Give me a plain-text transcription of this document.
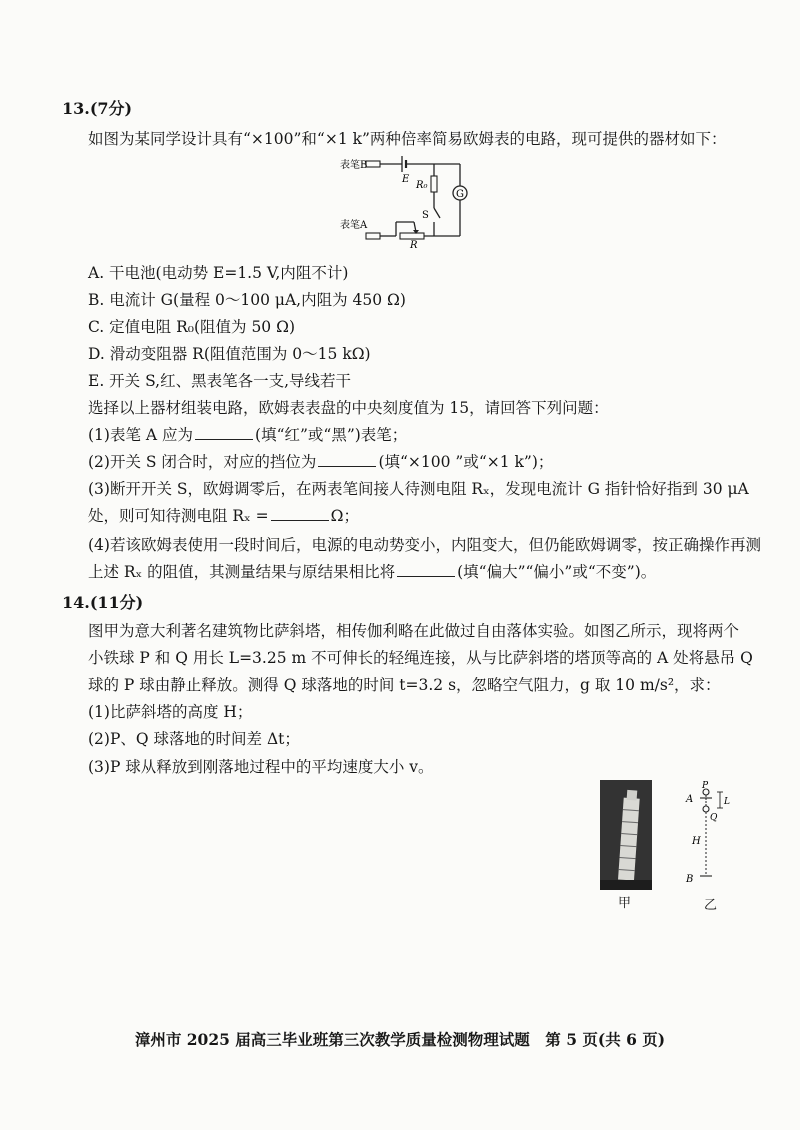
13.(7分)
如图为某同学设计具有“×100”和“×1 k”两种倍率简易欧姆表的电路，现可提供的器材如下：
表笔B
E
R₀
G
S
表笔A
R
A. 干电池(电动势 E=1.5 V,内阻不计)
B. 电流计 G(量程 0～100 μA,内阻为 450 Ω)
C. 定值电阻 R₀(阻值为 50 Ω)
D. 滑动变阻器 R(阻值范围为 0～15 kΩ)
E. 开关 S,红、黑表笔各一支,导线若干
选择以上器材组装电路，欧姆表表盘的中央刻度值为 15，请回答下列问题：
(1)表笔 A 应为	(填“红”或“黑”)表笔；
(2)开关 S 闭合时，对应的挡位为	(填“×100 ”或“×1 k”)；
(3)断开开关 S，欧姆调零后，在两表笔间接人待测电阻 Rₓ，发现电流计 G 指针恰好指到 30 μA
处，则可知待测电阻 Rₓ =	Ω；
(4)若该欧姆表使用一段时间后，电源的电动势变小，内阻变大，但仍能欧姆调零，按正确操作再测
上述 Rₓ 的阻值，其测量结果与原结果相比将	(填“偏大”“偏小”或“不变”)。
14.(11分)
图甲为意大利著名建筑物比萨斜塔，相传伽利略在此做过自由落体实验。如图乙所示，现将两个
小铁球 P 和 Q 用长 L=3.25 m 不可伸长的轻绳连接，从与比萨斜塔的塔顶等高的 A 处将悬吊 Q
球的 P 球由静止释放。测得 Q 球落地的时间 t=3.2 s，忽略空气阻力，g 取 10 m/s²，求：
(1)比萨斜塔的高度 H；
(2)P、Q 球落地的时间差 Δt；
(3)P 球从释放到刚落地过程中的平均速度大小 v。
甲
A
P
Q
L
H
B
乙
漳州市 2025 届高三毕业班第三次教学质量检测物理试题　第 5 页(共 6 页)
